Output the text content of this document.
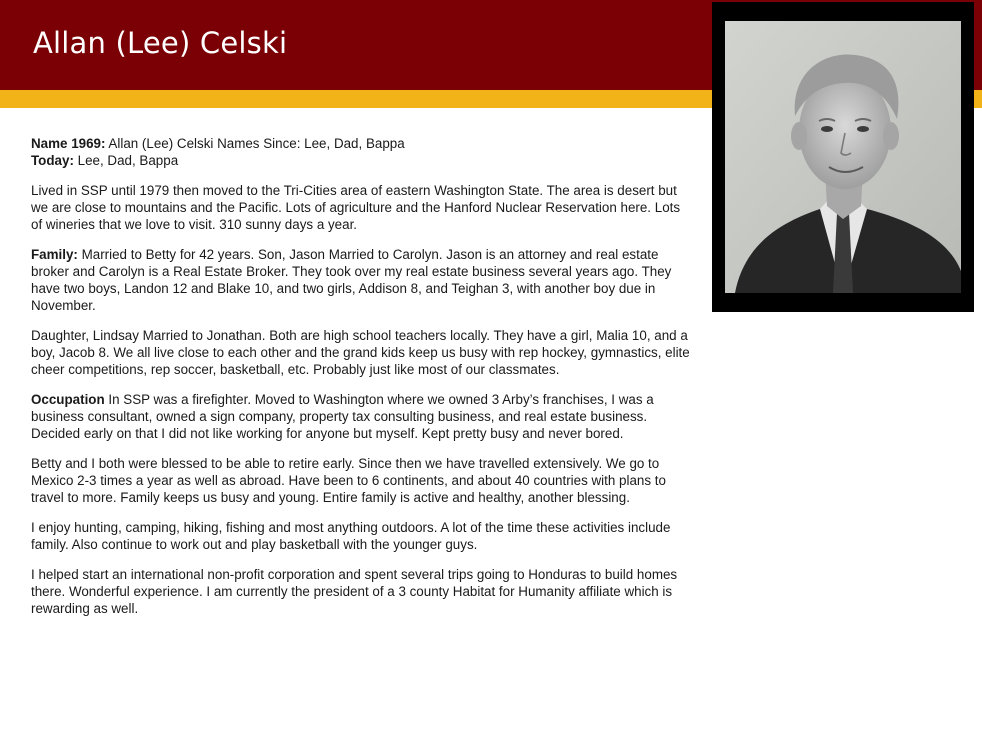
Allan (Lee) Celski

Name 1969: Allan (Lee) Celski Names Since: Lee, Dad, Bappa
Today: Lee, Dad, Bappa

Lived in SSP until 1979 then moved to the Tri-Cities area of eastern Washington State. The area is desert but we are close to mountains and the Pacific. Lots of agriculture and the Hanford Nuclear Reservation here. Lots of wineries that we love to visit. 310 sunny days a year.

Family: Married to Betty for 42 years. Son, Jason Married to Carolyn. Jason is an attorney and real estate broker and Carolyn is a Real Estate Broker. They took over my real estate business several years ago. They have two boys, Landon 12 and Blake 10, and two girls, Addison 8, and Teighan 3, with another boy due in November.

Daughter, Lindsay Married to Jonathan. Both are high school teachers locally. They have a girl, Malia 10, and a boy, Jacob 8. We all live close to each other and the grand kids keep us busy with rep hockey, gymnastics, elite cheer competitions, rep soccer, basketball, etc. Probably just like most of our classmates.

Occupation In SSP was a firefighter. Moved to Washington where we owned 3 Arby’s franchises, I was a business consultant, owned a sign company, property tax consulting business, and real estate business. Decided early on that I did not like working for anyone but myself. Kept pretty busy and never bored.

Betty and I both were blessed to be able to retire early. Since then we have travelled extensively. We go to Mexico 2-3 times a year as well as abroad. Have been to 6 continents, and about 40 countries with plans to travel to more. Family keeps us busy and young. Entire family is active and healthy, another blessing.

I enjoy hunting, camping, hiking, fishing and most anything outdoors. A lot of the time these activities include family. Also continue to work out and play basketball with the younger guys.

I helped start an international non-profit corporation and spent several trips going to Honduras to build homes there. Wonderful experience. I am currently the president of a 3 county Habitat for Humanity affiliate which is rewarding as well.
